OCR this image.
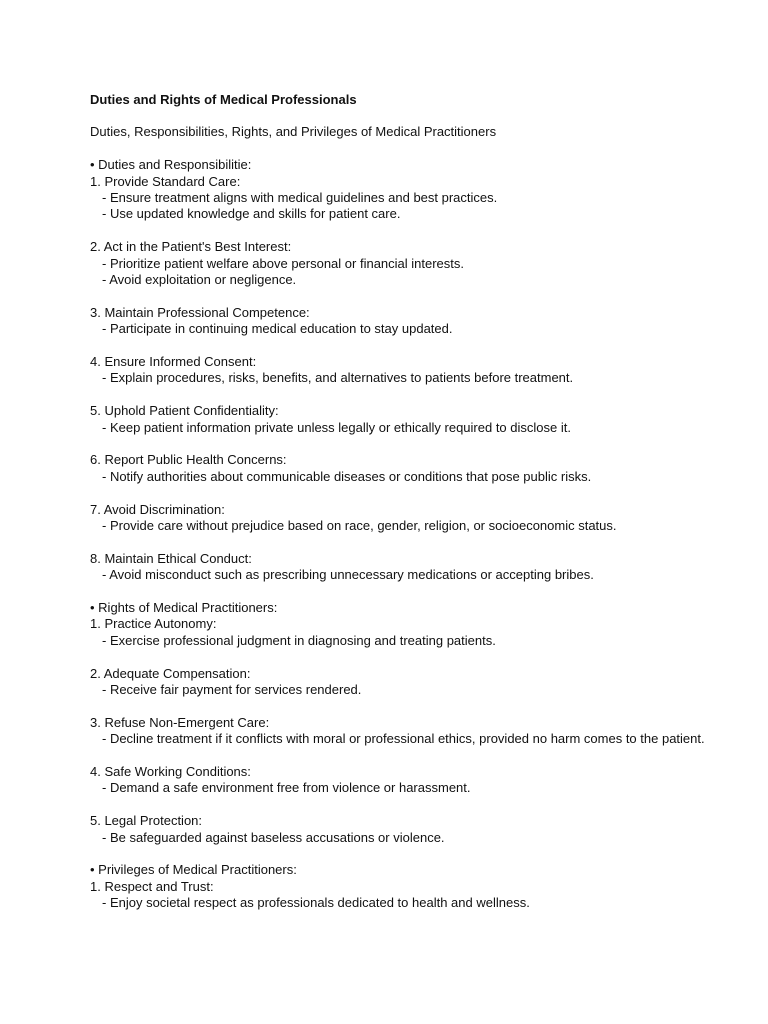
Duties and Rights of Medical Professionals
Duties, Responsibilities, Rights, and Privileges of Medical Practitioners
• Duties and Responsibilitie:
1. Provide Standard Care:
- Ensure treatment aligns with medical guidelines and best practices.
- Use updated knowledge and skills for patient care.
2. Act in the Patient's Best Interest:
- Prioritize patient welfare above personal or financial interests.
- Avoid exploitation or negligence.
3. Maintain Professional Competence:
- Participate in continuing medical education to stay updated.
4. Ensure Informed Consent:
- Explain procedures, risks, benefits, and alternatives to patients before treatment.
5. Uphold Patient Confidentiality:
- Keep patient information private unless legally or ethically required to disclose it.
6. Report Public Health Concerns:
- Notify authorities about communicable diseases or conditions that pose public risks.
7. Avoid Discrimination:
- Provide care without prejudice based on race, gender, religion, or socioeconomic status.
8. Maintain Ethical Conduct:
- Avoid misconduct such as prescribing unnecessary medications or accepting bribes.
• Rights of Medical Practitioners:
1. Practice Autonomy:
- Exercise professional judgment in diagnosing and treating patients.
2. Adequate Compensation:
- Receive fair payment for services rendered.
3. Refuse Non-Emergent Care:
- Decline treatment if it conflicts with moral or professional ethics, provided no harm comes to the patient.
4. Safe Working Conditions:
- Demand a safe environment free from violence or harassment.
5. Legal Protection:
- Be safeguarded against baseless accusations or violence.
• Privileges of Medical Practitioners:
1. Respect and Trust:
- Enjoy societal respect as professionals dedicated to health and wellness.
